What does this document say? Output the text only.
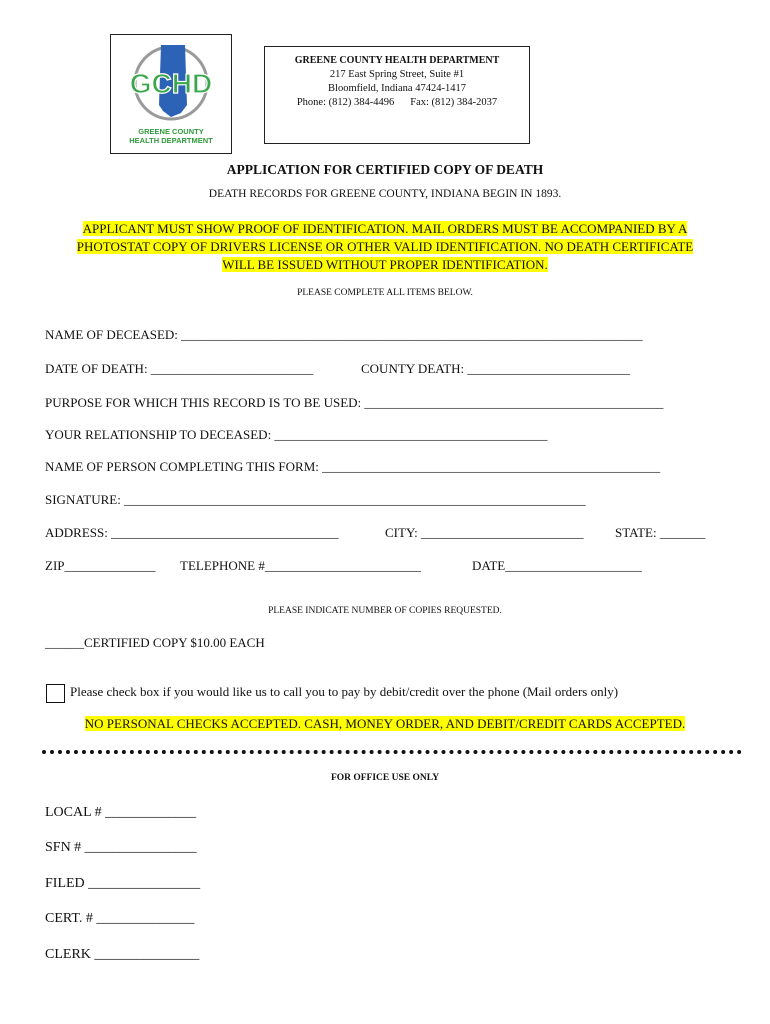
GCHD
GREENE COUNTY
HEALTH DEPARTMENT
GREENE COUNTY HEALTH DEPARTMENT
217 East Spring Street, Suite #1
Bloomfield, Indiana 47424-1417
Phone: (812) 384-4496 Fax: (812) 384-2037
APPLICATION FOR CERTIFIED COPY OF DEATH
DEATH RECORDS FOR GREENE COUNTY, INDIANA BEGIN IN 1893.
APPLICANT MUST SHOW PROOF OF IDENTIFICATION. MAIL ORDERS MUST BE ACCOMPANIED BY A
PHOTOSTAT COPY OF DRIVERS LICENSE OR OTHER VALID IDENTIFICATION. NO DEATH CERTIFICATE
WILL BE ISSUED WITHOUT PROPER IDENTIFICATION.
PLEASE COMPLETE ALL ITEMS BELOW.
NAME OF DECEASED: _______________________________________________________________________
DATE OF DEATH: _________________________	COUNTY DEATH: _________________________
PURPOSE FOR WHICH THIS RECORD IS TO BE USED: ______________________________________________
YOUR RELATIONSHIP TO DECEASED: __________________________________________
NAME OF PERSON COMPLETING THIS FORM: ____________________________________________________
SIGNATURE: _______________________________________________________________________
ADDRESS: ___________________________________	CITY: _________________________ STATE: _______
ZIP______________ TELEPHONE #________________________	DATE_____________________
PLEASE INDICATE NUMBER OF COPIES REQUESTED.
______CERTIFIED COPY $10.00 EACH
Please check box if you would like us to call you to pay by debit/credit over the phone (Mail orders only)
NO PERSONAL CHECKS ACCEPTED. CASH, MONEY ORDER, AND DEBIT/CREDIT CARDS ACCEPTED.
FOR OFFICE USE ONLY
LOCAL # _____________
SFN # ________________
FILED ________________
CERT. # ______________
CLERK _______________
